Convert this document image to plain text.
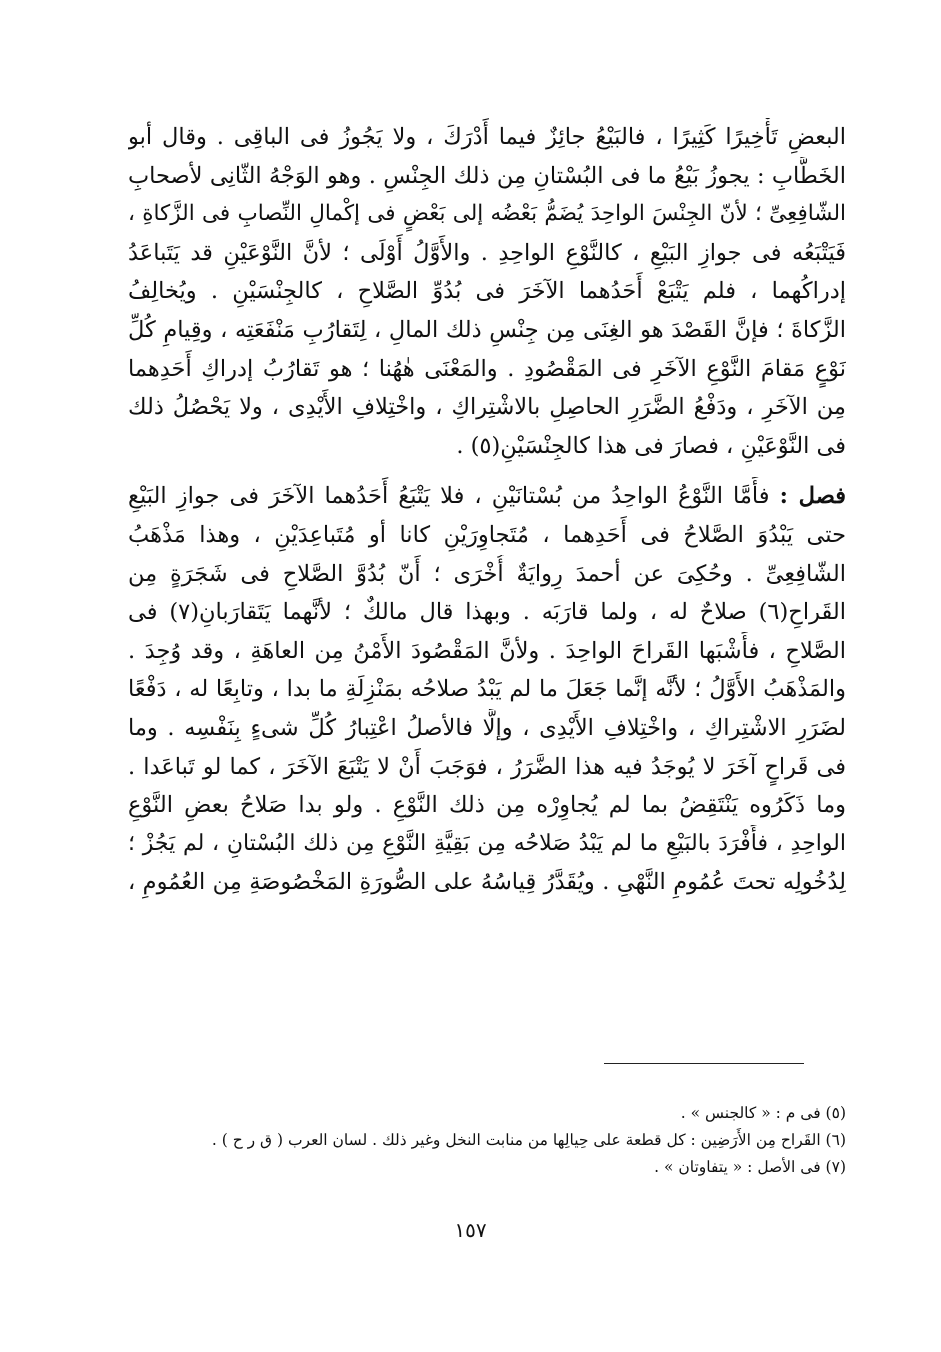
البعضِ تَأْخِيرًا كَثِيرًا ، فالبَيْعُ جائِزٌ فيما أَدْرَكَ ، ولا يَجُوزُ فى الباقِى . وقال أبو
الخَطَّابِ : يجوزُ بَيْعُ ما فى البُسْتانِ مِن ذلك الجِنْسِ . وهو الوَجْهُ الثّانِى لأصحابِ
الشّافِعِىِّ ؛ لأنّ الجِنْسَ الواحِدَ يُضَمُّ بَعْضُه إلى بَعْضٍ فى إكْمالِ النِّصابِ فى الزَّكاةِ ،
فَيَتْبَعُه فى جوازِ البَيْعِ ، كالنَّوْعِ الواحِدِ . والأَوَّلُ أَوْلَى ؛ لأنَّ النَّوْعَيْنِ قد يَتَباعَدُ
إدراكُهما ، فلم يَتْبَعْ أَحَدُهما الآخَرَ فى بُدُوِّ الصَّلاحِ ، كالجِنْسَيْنِ . ويُخالِفُ
الزَّكاةَ ؛ فإنَّ القَصْدَ هو الغِنَى مِن جِنْسِ ذلك المالِ ، لِتَقارُبِ مَنْفَعَتِه ، وقِيامِ كُلِّ
نَوْعٍ مَقامَ النَّوْعِ الآخَرِ فى المَقْصُودِ . والمَعْنَى هٰهُنا ؛ هو تَقارُبُ إدراكِ أَحَدِهما
مِن الآخَرِ ، ودَفْعُ الضَّرَرِ الحاصِلِ بالاشْتِراكِ ، واخْتِلافِ الأَيْدِى ، ولا يَحْصُلُ ذلك
فى النَّوْعَيْنِ ، فصارَ فى هذا كالجِنْسَيْنِ(٥) .
فصل : فأَمَّا النَّوْعُ الواحِدُ من بُسْتانَيْنِ ، فلا يَتْبَعُ أَحَدُهما الآخَرَ فى جوازِ البَيْعِ
حتى يَبْدُوَ الصَّلاحُ فى أَحَدِهما ، مُتَجاوِرَيْنِ كانا أو مُتَباعِدَيْنِ ، وهذا مَذْهَبُ
الشّافِعِىِّ . وحُكِىَ عن أحمدَ رِوايَةٌ أُخْرَى ؛ أَنّ بُدُوَّ الصَّلاحِ فى شَجَرَةٍ مِن
القَراحِ(٦) صلاحٌ له ، ولما قارَبَه . وبهذا قال مالكٌ ؛ لأنَّهما يَتَقارَبانِ(٧) فى
الصَّلاحِ ، فأَشْبَها القَراحَ الواحِدَ . ولأنَّ المَقْصُودَ الأَمْنُ مِن العاهَةِ ، وقد وُجِدَ .
والمَذْهَبُ الأَوَّلُ ؛ لأنَّه إنَّما جَعَلَ ما لم يَبْدُ صلاحُه بمَنْزِلَةِ ما بدا ، وتابِعًا له ، دَفْعًا
لضَرَرِ الاشْتِراكِ ، واخْتِلافِ الأَيْدِى ، وإلَّا فالأصلُ اعْتِبارُ كُلِّ شىءٍ بِنَفْسِه . وما
فى قَراحٍ آخَرَ لا يُوجَدُ فيه هذا الضَّرَرُ ، فوَجَبَ أَنْ لا يَتْبَعَ الآخَرَ ، كما لو تَباعَدا .
وما ذَكَرُوه يَنْتَقِضُ بما لم يُجاوِرْه مِن ذلك النَّوْعِ . ولو بدا صَلاحُ بعضِ النَّوْعِ
الواحِدِ ، فأَفْرَدَ بالبَيْعِ ما لم يَبْدُ صَلاحُه مِن بَقِيَّةِ النَّوْعِ مِن ذلك البُسْتانِ ، لم يَجُزْ ؛
لِدُخُولِه تحتَ عُمُومِ النَّهْىِ . ويُقَدَّرُ قِياسُهُ على الصُّورَةِ المَخْصُوصَةِ مِن العُمُومِ ،
(٥) فى م : « كالجنس » .
(٦) القَراح مِن الأَرَضِين : كل قطعة على حِيالِها من منابت النخل وغير ذلك . لسان العرب ( ق ر ح ) .
(٧) فى الأصل : « يتفاوتان » .
١٥٧
